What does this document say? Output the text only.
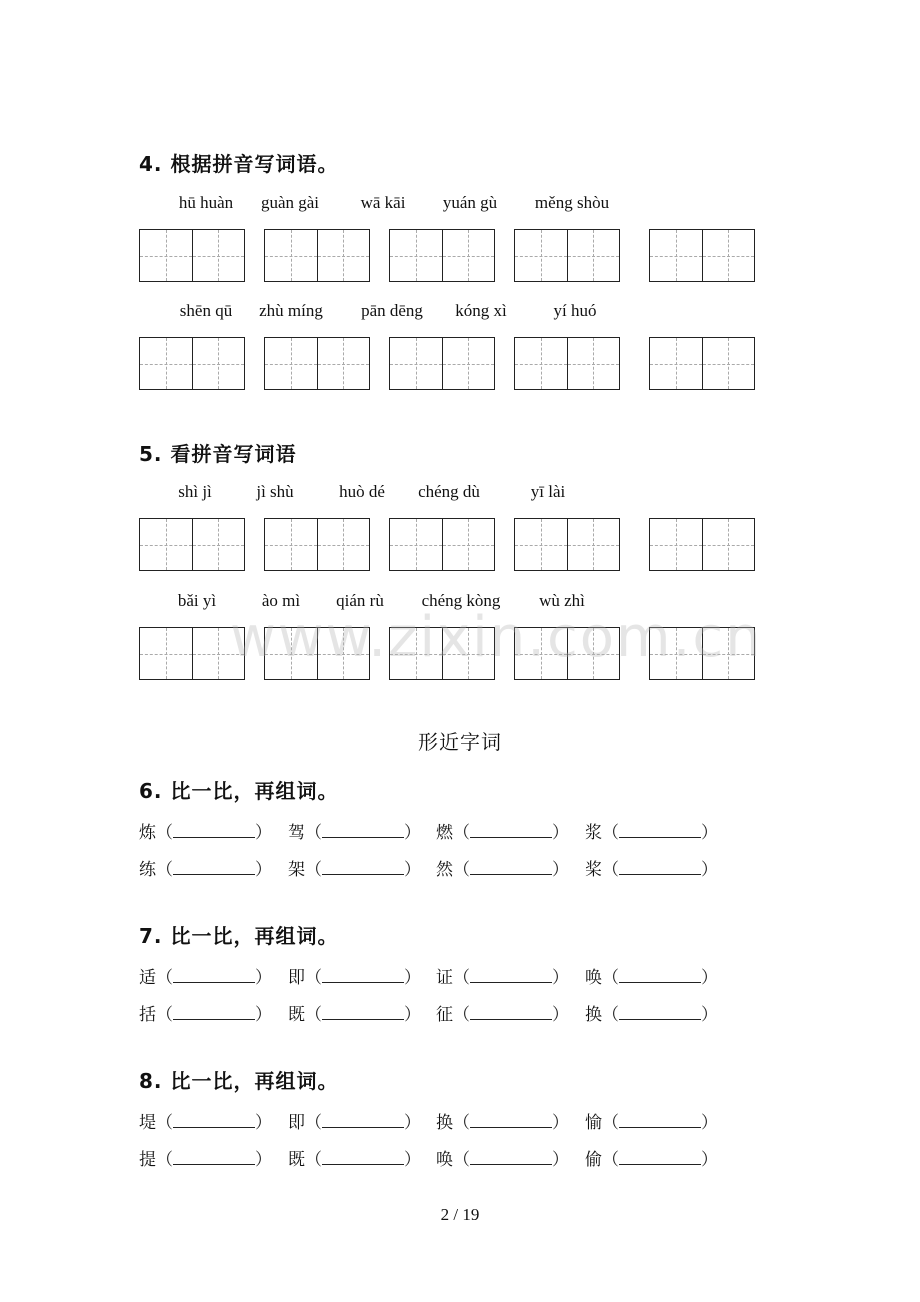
4. 根据拼音写词语。
hū huàn guàn gài wā kāi yuán gù měng shòu
shēn qū zhù míng pān dēng kóng xì	yí huó
5. 看拼音写词语
shì jì	jì shù	huò dé chéng dù	yī lài
bǎi yì	ào mì qián rù chéng kòng wù zhì
www.zixin.com.cn
形近字词
6. 比一比，再组词。
炼（	） 驾（	） 燃（	） 浆（	）
练（	） 架（	） 然（	） 桨（	）
7. 比一比，再组词。
适（	） 即（	） 证（	） 唤（	）
括（	） 既（	） 征（	） 换（	）
8. 比一比，再组词。
堤（	） 即（	） 换（	） 愉（	）
提（	） 既（	） 唤（	） 偷（	）
2 / 19
